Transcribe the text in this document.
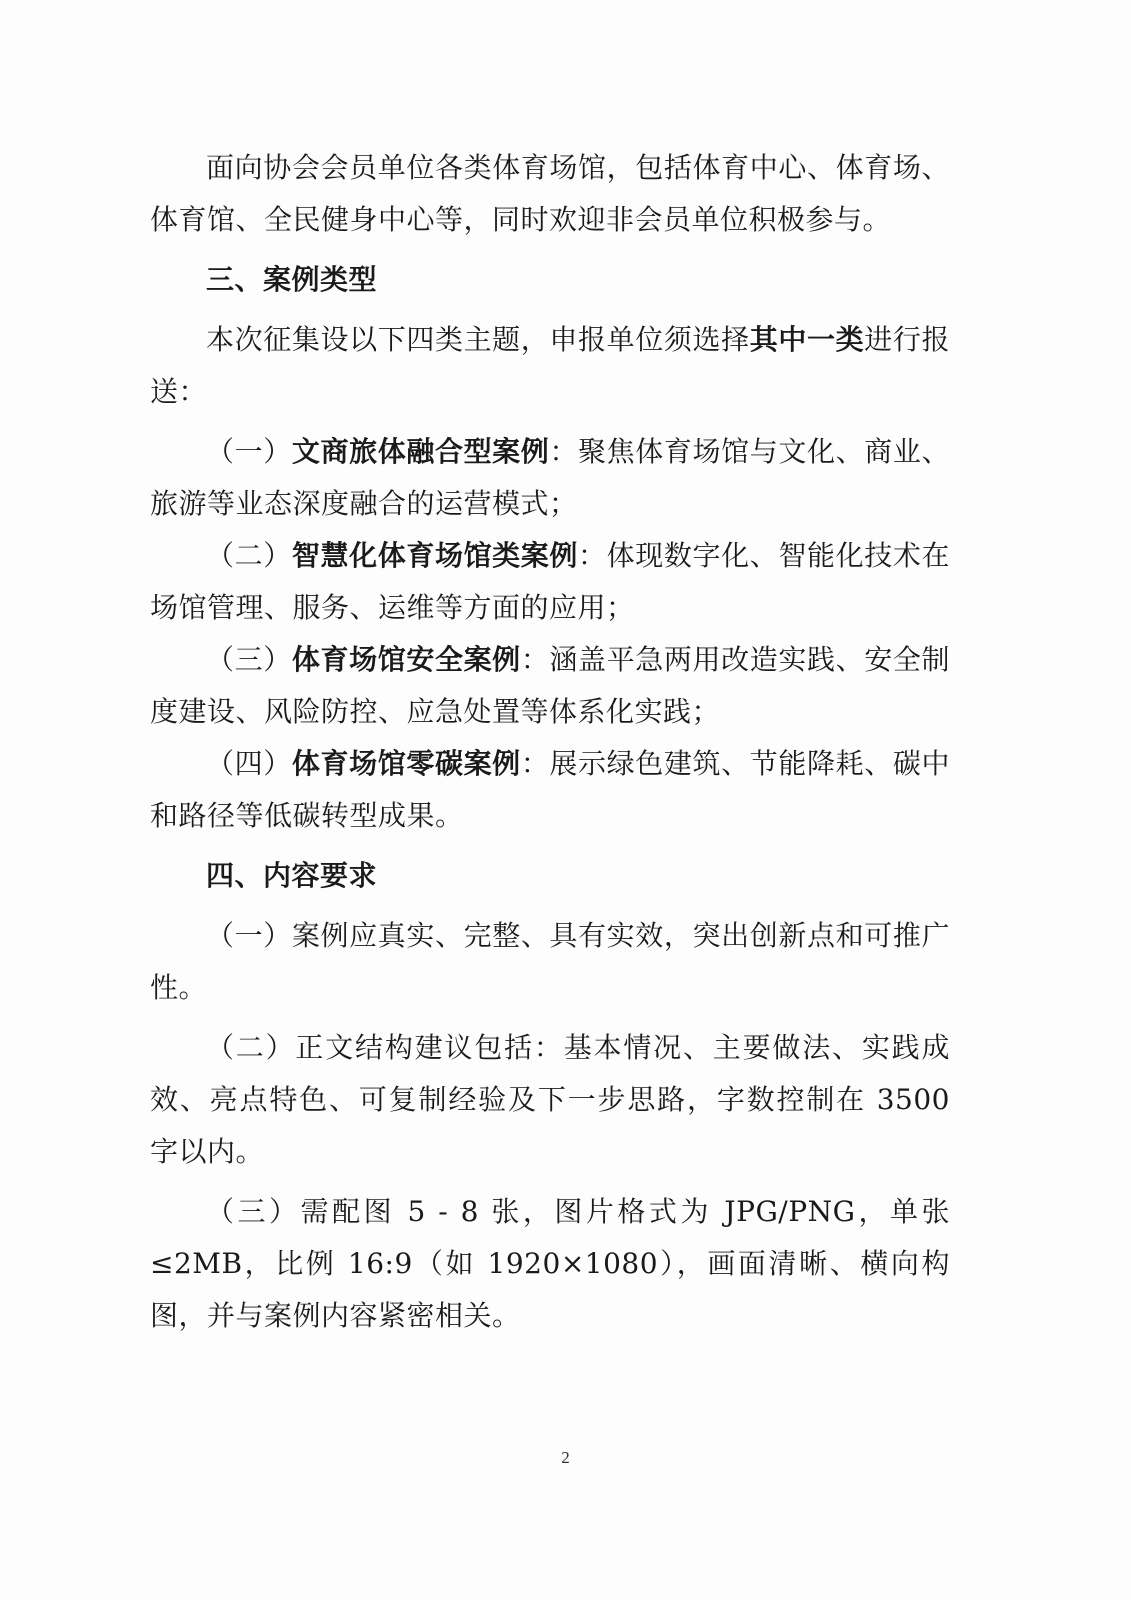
面向协会会员单位各类体育场馆，包括体育中心、体育场、体育馆、全民健身中心等，同时欢迎非会员单位积极参与。

三、案例类型

本次征集设以下四类主题，申报单位须选择其中一类进行报送：

（一）文商旅体融合型案例：聚焦体育场馆与文化、商业、旅游等业态深度融合的运营模式；

（二）智慧化体育场馆类案例：体现数字化、智能化技术在场馆管理、服务、运维等方面的应用；

（三）体育场馆安全案例：涵盖平急两用改造实践、安全制度建设、风险防控、应急处置等体系化实践；

（四）体育场馆零碳案例：展示绿色建筑、节能降耗、碳中和路径等低碳转型成果。

四、内容要求

（一）案例应真实、完整、具有实效，突出创新点和可推广性。

（二）正文结构建议包括：基本情况、主要做法、实践成效、亮点特色、可复制经验及下一步思路，字数控制在 3500 字以内。

（三）需配图 5 - 8 张，图片格式为 JPG/PNG，单张≤2MB，比例 16:9（如 1920×1080），画面清晰、横向构图，并与案例内容紧密相关。

2
